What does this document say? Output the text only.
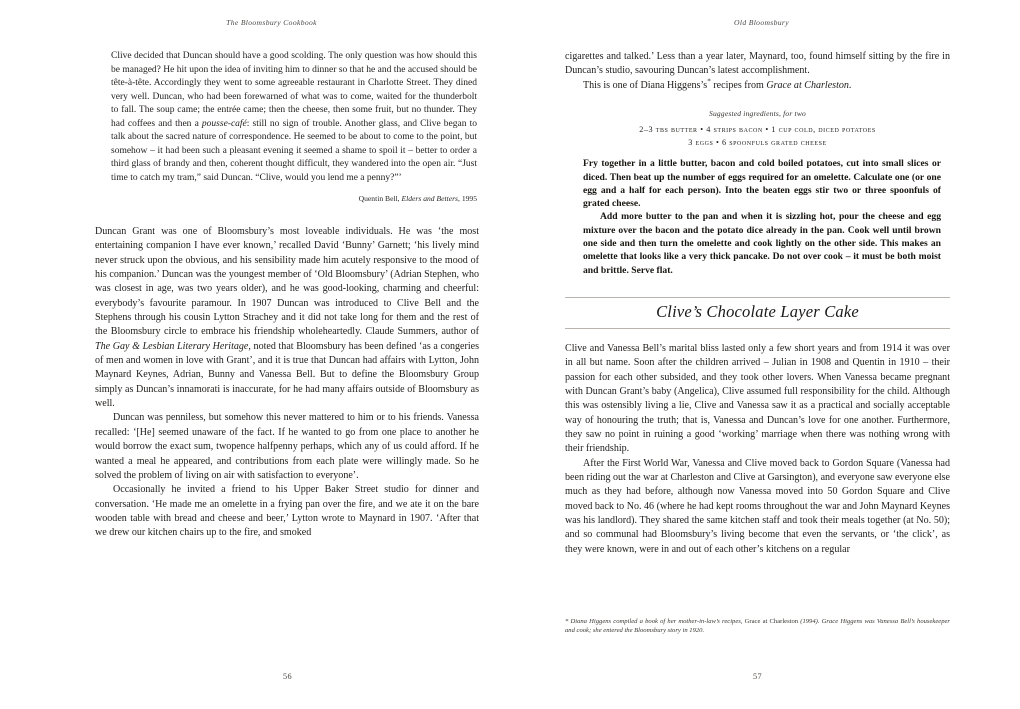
The Bloomsbury Cookbook

Clive decided that Duncan should have a good scolding. The only question was how should this be managed? He hit upon the idea of inviting him to dinner so that he and the accused should be tête-à-tête. Accordingly they went to some agreeable restaurant in Charlotte Street. They dined very well. Duncan, who had been forewarned of what was to come, waited for the thunderbolt to fall. The soup came; the entrée came; then the cheese, then some fruit, but no thunder. They had coffees and then a pousse-café: still no sign of trouble. Another glass, and Clive began to talk about the sacred nature of correspondence. He seemed to be about to come to the point, but somehow – it had been such a pleasant evening it seemed a shame to spoil it – better to order a third glass of brandy and then, coherent thought difficult, they wandered into the open air. “Just time to catch my tram,” said Duncan. “Clive, would you lend me a penny?”’

Quentin Bell, Elders and Betters, 1995

Duncan Grant was one of Bloomsbury’s most loveable individuals. He was ‘the most entertaining companion I have ever known,’ recalled David ‘Bunny’ Garnett; ‘his lively mind never struck upon the obvious, and his sensibility made him acutely responsive to the mood of his companion.’ Duncan was the youngest member of ‘Old Bloomsbury’ (Adrian Stephen, who was closest in age, was two years older), and he was good-looking, charming and cheerful: everybody’s favourite paramour. In 1907 Duncan was introduced to Clive Bell and the Stephens through his cousin Lytton Strachey and it did not take long for them and the rest of the Bloomsbury circle to embrace his friendship wholeheartedly. Claude Summers, author of The Gay & Lesbian Literary Heritage, noted that Bloomsbury has been defined ‘as a congeries of men and women in love with Grant’, and it is true that Duncan had affairs with Lytton, John Maynard Keynes, Adrian, Bunny and Vanessa Bell. But to define the Bloomsbury Group simply as Duncan’s innamorati is inaccurate, for he had many affairs outside of Bloomsbury as well.

Duncan was penniless, but somehow this never mattered to him or to his friends. Vanessa recalled: ‘[He] seemed unaware of the fact. If he wanted to go from one place to another he would borrow the exact sum, twopence halfpenny perhaps, which any of us could afford. If he wanted a meal he appeared, and contributions from each plate were willingly made. So he solved the problem of living on air with satisfaction to everyone’.

Occasionally he invited a friend to his Upper Baker Street studio for dinner and conversation. ‘He made me an omelette in a frying pan over the fire, and we ate it on the bare wooden table with bread and cheese and beer,’ Lytton wrote to Maynard in 1907. ‘After that we drew our kitchen chairs up to the fire, and smoked

56
Old Bloomsbury

cigarettes and talked.’ Less than a year later, Maynard, too, found himself sitting by the fire in Duncan’s studio, savouring Duncan’s latest accomplishment.

This is one of Diana Higgens’s* recipes from Grace at Charleston.

Suggested ingredients, for two
2–3 tbs butter • 4 strips bacon • 1 cup cold, diced potatoes
3 eggs • 6 spoonfuls grated cheese

Fry together in a little butter, bacon and cold boiled potatoes, cut into small slices or diced. Then beat up the number of eggs required for an omelette. Calculate one (or one egg and a half for each person). Into the beaten eggs stir two or three spoonfuls of grated cheese.

Add more butter to the pan and when it is sizzling hot, pour the cheese and egg mixture over the bacon and the potato dice already in the pan. Cook well until brown one side and then turn the omelette and cook lightly on the other side. This makes an omelette that looks like a very thick pancake. Do not over cook – it must be both moist and brittle. Serve flat.

Clive’s Chocolate Layer Cake

Clive and Vanessa Bell’s marital bliss lasted only a few short years and from 1914 it was over in all but name. Soon after the children arrived – Julian in 1908 and Quentin in 1910 – their passion for each other subsided, and they took other lovers. When Vanessa became pregnant with Duncan Grant’s baby (Angelica), Clive assumed full responsibility for the child. Although this was ostensibly living a lie, Clive and Vanessa saw it as a practical and socially acceptable way of honouring the truth; that is, Vanessa and Duncan’s love for one another. Furthermore, they saw no point in ruining a good ‘working’ marriage when there was nothing wrong with their friendship.

After the First World War, Vanessa and Clive moved back to Gordon Square (Vanessa had been riding out the war at Charleston and Clive at Garsington), and everyone saw everyone else much as they had before, although now Vanessa moved into 50 Gordon Square and Clive moved back to No. 46 (where he had kept rooms throughout the war and John Maynard Keynes was his landlord). They shared the same kitchen staff and took their meals together (at No. 50); and so communal had Bloomsbury’s living become that even the servants, or ‘the click’, as they were known, were in and out of each other’s kitchens on a regular

* Diana Higgens compiled a book of her mother-in-law’s recipes, Grace at Charleston (1994). Grace Higgens was Vanessa Bell’s housekeeper and cook; she entered the Bloomsbury story in 1920.

57
